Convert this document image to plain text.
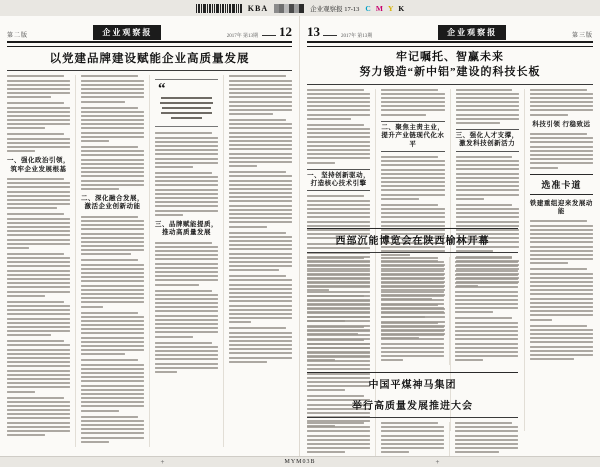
KBA	企业观察报 17-13 C M Y K
第二版	企业观察报	2017年 第13期 12
以党建品牌建设赋能企业高质量发展
一、强化政治引领，筑牢企业发展根基
二、深化融合发展，激活企业创新动能
“
三、品牌赋能提质，推动高质量发展
13	2017年 第13期	企业观察报	第三版
牢记嘱托、智赢未来
努力锻造“新中铝”建设的科技长板
一、坚持创新驱动，打造核心技术引擎
二、聚焦主责主业，提升产业链现代化水平
三、强化人才支撑，激发科技创新活力
科技引领 行稳致远
选准卡道
铁建重组迎来发展动能
西部沉能博览会在陕西榆林开幕
中国平煤神马集团
举行高质量发展推进大会
+	MYM03B	+
